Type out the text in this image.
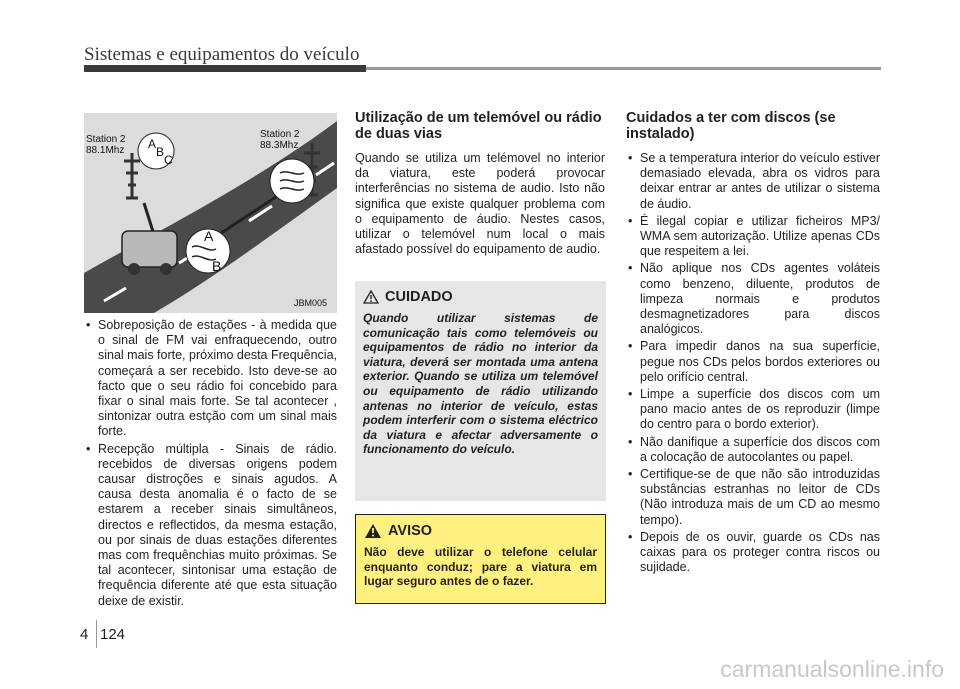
Sistemas e equipamentos do veículo
Station 2
88.1Mhz
Station 2
88.3Mhz
A
B
C
A
B
JBM005
• Sobreposição de estações - à medida que o sinal de FM vai enfraquecendo, outro sinal mais forte, próximo desta Frequência, começará a ser recebido. Isto deve-se ao facto que o seu rádio foi concebido para fixar o sinal mais forte. Se tal acontecer , sintonizar outra estção com um sinal mais forte.
• Recepção múltipla - Sinais de rádio. recebidos de diversas origens podem causar distroções e sinais agudos. A causa desta anomalia é o facto de se estarem a receber sinais simultâneos, directos e reflectidos, da mesma estação, ou por sinais de duas estações diferentes mas com frequênchias muito próximas. Se tal acontecer, sintonisar uma estação de frequência diferente até que esta situação deixe de existir.
Utilização de um telemóvel ou rádio de duas vias
Quando se utiliza um telémovel no interior da viatura, este poderá provocar interferências no sistema de audio. Isto não significa que existe qualquer problema com o equipamento de áudio. Nestes casos, utilizar o telemóvel num local o mais afastado possível do equipamento de audio.
CUIDADO
Quando utilizar sistemas de comunicação tais como telemóveis ou equipamentos de rádio no interior da viatura, deverá ser montada uma antena exterior. Quando se utiliza um telemóvel ou equipamento de rádio utilizando antenas no interior de veículo, estas podem interferir com o sistema eléctrico da viatura e afectar adversamente o funcionamento do veículo.
AVISO
Não deve utilizar o telefone celular enquanto conduz; pare a viatura em lugar seguro antes de o fazer.
Cuidados a ter com discos (se instalado)
• Se a temperatura interior do veículo estiver demasiado elevada, abra os vidros para deixar entrar ar antes de utilizar o sistema de áudio.
• É ilegal copiar e utilizar ficheiros MP3/ WMA sem autorização. Utilize apenas CDs que respeitem a lei.
• Não aplique nos CDs agentes voláteis como benzeno, diluente, produtos de limpeza normais e produtos desmagnetizadores para discos analógicos.
• Para impedir danos na sua superfície, pegue nos CDs pelos bordos exteriores ou pelo orifício central.
• Limpe a superfície dos discos com um pano macio antes de os reproduzir (limpe do centro para o bordo exterior).
• Não danifique a superfície dos discos com a colocação de autocolantes ou papel.
• Certifique-se de que não são introduzidas substâncias estranhas no leitor de CDs (Não introduza mais de um CD ao mesmo tempo).
• Depois de os ouvir, guarde os CDs nas caixas para os proteger contra riscos ou sujidade.
4 124
carmanualsonline.info
